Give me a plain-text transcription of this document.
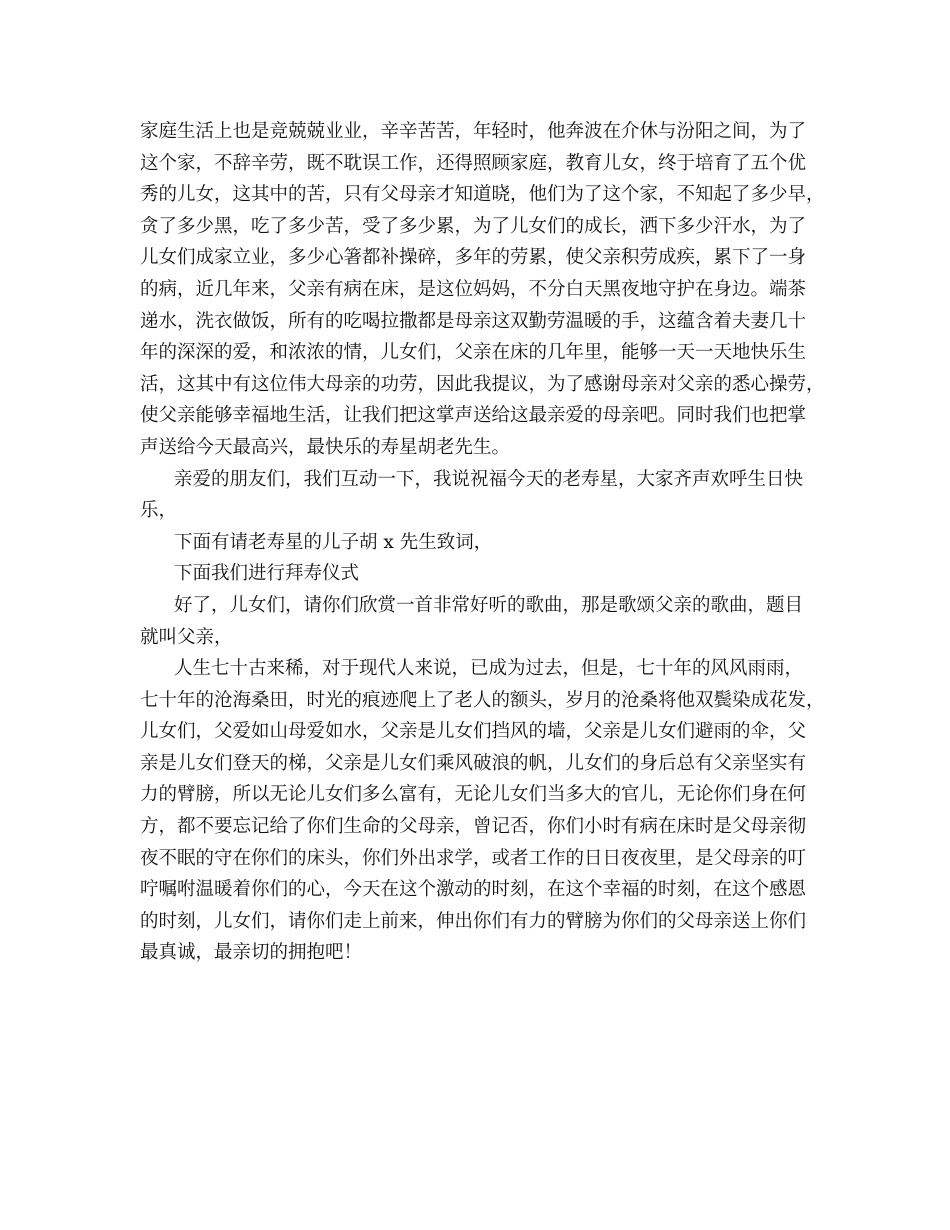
家庭生活上也是竞兢兢业业，辛辛苦苦，年轻时，他奔波在介休与汾阳之间，为了
这个家，不辞辛劳，既不耽误工作，还得照顾家庭，教育儿女，终于培育了五个优
秀的儿女，这其中的苦，只有父母亲才知道晓，他们为了这个家，不知起了多少早，
贪了多少黑，吃了多少苦，受了多少累，为了儿女们的成长，洒下多少汗水，为了
儿女们成家立业，多少心箸都补操碎，多年的劳累，使父亲积劳成疾，累下了一身
的病，近几年来，父亲有病在床，是这位妈妈，不分白天黑夜地守护在身边。端茶
递水，洗衣做饭，所有的吃喝拉撒都是母亲这双勤劳温暖的手，这蕴含着夫妻几十
年的深深的爱，和浓浓的情，儿女们，父亲在床的几年里，能够一天一天地快乐生
活，这其中有这位伟大母亲的功劳，因此我提议，为了感谢母亲对父亲的悉心操劳，
使父亲能够幸福地生活，让我们把这掌声送给这最亲爱的母亲吧。同时我们也把掌
声送给今天最高兴，最快乐的寿星胡老先生。
亲爱的朋友们，我们互动一下，我说祝福今天的老寿星，大家齐声欢呼生日快
乐，
下面有请老寿星的儿子胡 x 先生致词，
下面我们进行拜寿仪式
好了，儿女们，请你们欣赏一首非常好听的歌曲，那是歌颂父亲的歌曲，题目
就叫父亲，
人生七十古来稀，对于现代人来说，已成为过去，但是，七十年的风风雨雨，
七十年的沧海桑田，时光的痕迹爬上了老人的额头，岁月的沧桑将他双鬓染成花发，
儿女们，父爱如山母爱如水，父亲是儿女们挡风的墙，父亲是儿女们避雨的伞，父
亲是儿女们登天的梯，父亲是儿女们乘风破浪的帆，儿女们的身后总有父亲坚实有
力的臂膀，所以无论儿女们多么富有，无论儿女们当多大的官儿，无论你们身在何
方，都不要忘记给了你们生命的父母亲，曾记否，你们小时有病在床时是父母亲彻
夜不眠的守在你们的床头，你们外出求学，或者工作的日日夜夜里，是父母亲的叮
咛嘱咐温暖着你们的心，今天在这个激动的时刻，在这个幸福的时刻，在这个感恩
的时刻，儿女们，请你们走上前来，伸出你们有力的臂膀为你们的父母亲送上你们
最真诚，最亲切的拥抱吧！
